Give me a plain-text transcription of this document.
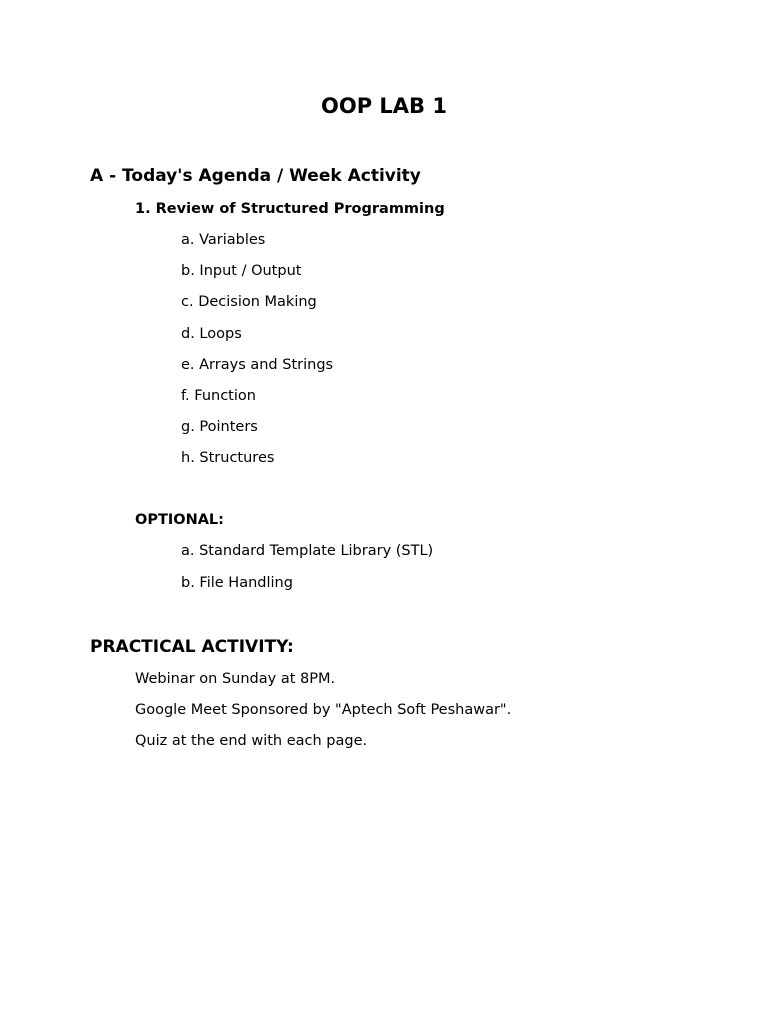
OOP LAB 1
A - Today's Agenda / Week Activity
1. Review of Structured Programming
a. Variables
b. Input / Output
c. Decision Making
d. Loops
e. Arrays and Strings
f. Function
g. Pointers
h. Structures
OPTIONAL:
a. Standard Template Library (STL)
b. File Handling
PRACTICAL ACTIVITY:
Webinar on Sunday at 8PM.
Google Meet Sponsored by "Aptech Soft Peshawar".
Quiz at the end with each page.
